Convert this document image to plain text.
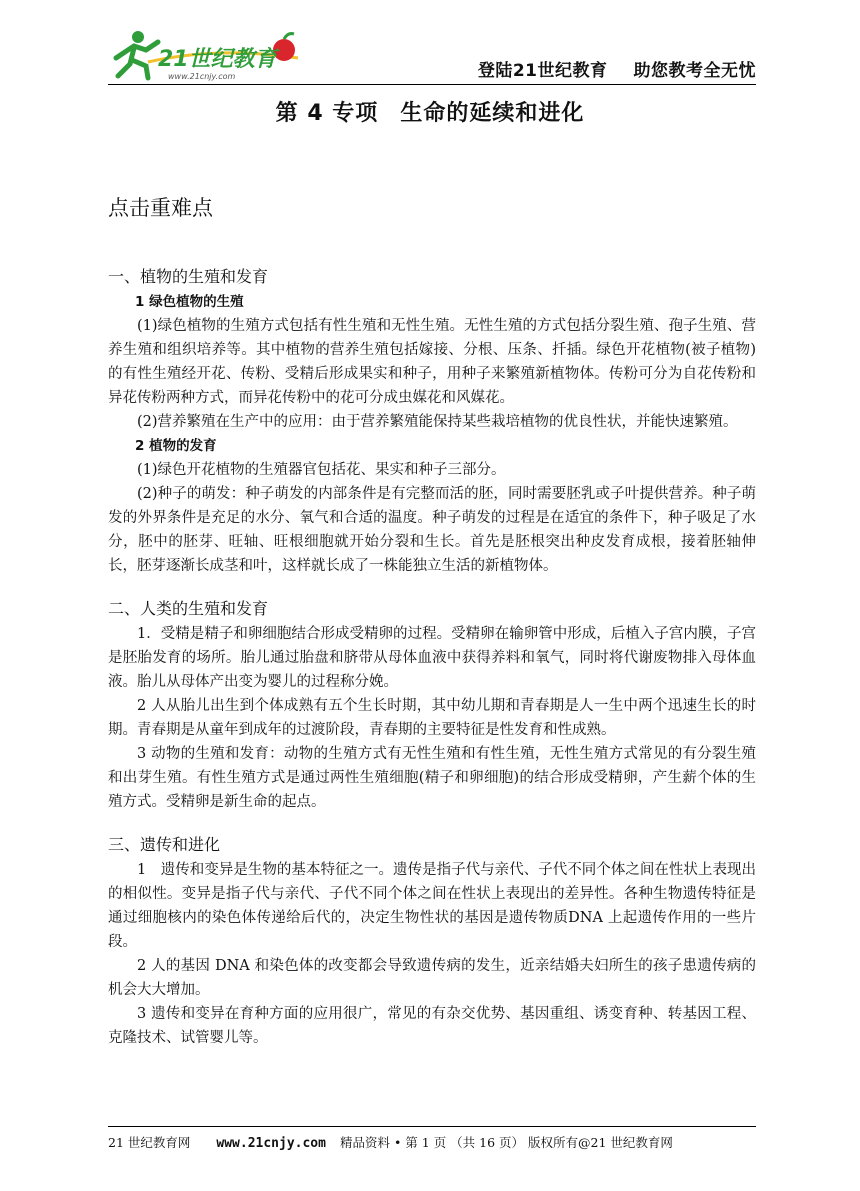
21世纪教育
www.21cnjy.com	登陆21世纪教育 助您教考全无忧
第 4 专项 生命的延续和进化
点击重难点
一、植物的生殖和发育
1 绿色植物的生殖

(1)绿色植物的生殖方式包括有性生殖和无性生殖。无性生殖的方式包括分裂生殖、孢子生殖、营养生殖和组织培养等。其中植物的营养生殖包括嫁接、分根、压条、扦插。绿色开花植物(被子植物)的有性生殖经开花、传粉、受精后形成果实和种子，用种子来繁殖新植物体。传粉可分为自花传粉和异花传粉两种方式，而异花传粉中的花可分成虫媒花和风媒花。

(2)营养繁殖在生产中的应用：由于营养繁殖能保持某些栽培植物的优良性状，并能快速繁殖。

2 植物的发育

(1)绿色开花植物的生殖器官包括花、果实和种子三部分。

(2)种子的萌发：种子萌发的内部条件是有完整而活的胚，同时需要胚乳或子叶提供营养。种子萌发的外界条件是充足的水分、氧气和合适的温度。种子萌发的过程是在适宜的条件下，种子吸足了水分，胚中的胚芽、旺轴、旺根细胞就开始分裂和生长。首先是胚根突出种皮发育成根，接着胚轴伸长，胚芽逐渐长成茎和叶，这样就长成了一株能独立生活的新植物体。

二、人类的生殖和发育

1．受精是精子和卵细胞结合形成受精卵的过程。受精卵在输卵管中形成，后植入子宫内膜，子宫是胚胎发育的场所。胎儿通过胎盘和脐带从母体血液中获得养料和氧气，同时将代谢废物排入母体血液。胎儿从母体产出变为婴儿的过程称分娩。

2 人从胎儿出生到个体成熟有五个生长时期，其中幼儿期和青春期是人一生中两个迅速生长的时期。青春期是从童年到成年的过渡阶段，青春期的主要特征是性发育和性成熟。

3 动物的生殖和发育：动物的生殖方式有无性生殖和有性生殖，无性生殖方式常见的有分裂生殖和出芽生殖。有性生殖方式是通过两性生殖细胞(精子和卵细胞)的结合形成受精卵，产生薪个体的生殖方式。受精卵是新生命的起点。

三、遗传和进化

1　遗传和变异是生物的基本特征之一。遗传是指子代与亲代、子代不同个体之间在性状上表现出的相似性。变异是指子代与亲代、子代不同个体之间在性状上表现出的差异性。各种生物遗传特征是通过细胞核内的染色体传递给后代的，决定生物性状的基因是遗传物质DNA 上起遗传作用的一些片段。

2 人的基因 DNA 和染色体的改变都会导致遗传病的发生，近亲结婚夫妇所生的孩子患遗传病的机会大大增加。

3 遗传和变异在育种方面的应用很广，常见的有杂交优势、基因重组、诱变育种、转基因工程、克隆技术、试管婴儿等。

21 世纪教育网 www.21cnjy.com 精品资料 • 第 1 页 （共 16 页） 版权所有@21 世纪教育网
